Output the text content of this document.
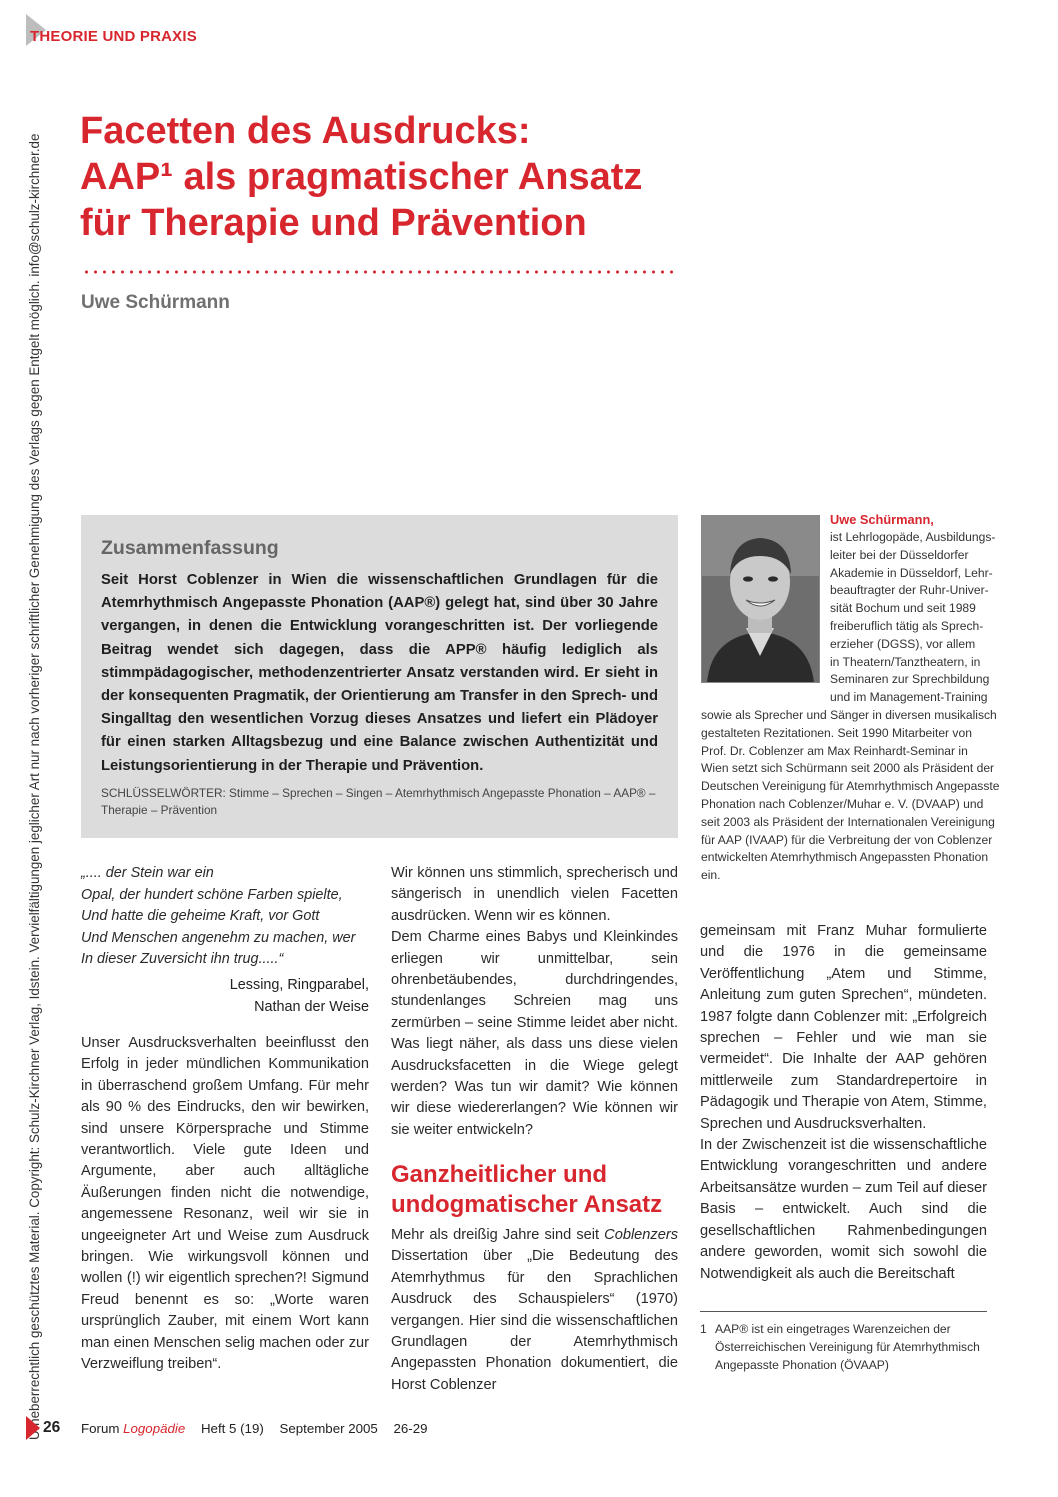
Urheberrechtlich geschütztes Material. Copyright: Schulz-Kirchner Verlag, Idstein. Vervielfältigungen jeglicher Art nur nach vorheriger schriftlicher Genehmigung des Verlags gegen Entgelt möglich. info@schulz-kirchner.de
THEORIE UND PRAXIS
Facetten des Ausdrucks:
AAP¹ als pragmatischer Ansatz
für Therapie und Prävention
Uwe Schürmann
Zusammenfassung

Seit Horst Coblenzer in Wien die wissenschaftlichen Grundlagen für die Atemrhythmisch Angepasste Phonation (AAP®) gelegt hat, sind über 30 Jahre vergangen, in denen die Entwicklung vorangeschritten ist. Der vorliegende Beitrag wendet sich dagegen, dass die APP® häufig lediglich als stimmpädagogischer, methodenzentrierter Ansatz verstanden wird. Er sieht in der konsequenten Pragmatik, der Orientierung am Transfer in den Sprech- und Singalltag den wesentlichen Vorzug dieses Ansatzes und liefert ein Plädoyer für einen starken Alltagsbezug und eine Balance zwischen Authentizität und Leistungsorientierung in der Therapie und Prävention.

SCHLÜSSELWÖRTER: Stimme – Sprechen – Singen – Atemrhythmisch Angepasste Phonation – AAP® – Therapie – Prävention

Uwe Schürmann,
ist Lehrlogopäde, Ausbildungs-
leiter bei der Düsseldorfer
Akademie in Düsseldorf, Lehr-
beauftragter der Ruhr-Univer-
sität Bochum und seit 1989
freiberuflich tätig als Sprech-
erzieher (DGSS), vor allem
in Theatern/Tanztheatern, in
Seminaren zur Sprechbildung
und im Management-Training
sowie als Sprecher und Sänger in diversen musikalisch
gestalteten Rezitationen. Seit 1990 Mitarbeiter von
Prof. Dr. Coblenzer am Max Reinhardt-Seminar in
Wien setzt sich Schürmann seit 2000 als Präsident der
Deutschen Vereinigung für Atemrhythmisch Angepasste
Phonation nach Coblenzer/Muhar e. V. (DVAAP) und
seit 2003 als Präsident der Internationalen Vereinigung
für AAP (IVAAP) für die Verbreitung der von Coblenzer
entwickelten Atemrhythmisch Angepassten Phonation
ein.
„.... der Stein war ein
Opal, der hundert schöne Farben spielte,
Und hatte die geheime Kraft, vor Gott
Und Menschen angenehm zu machen, wer
In dieser Zuversicht ihn trug.....“
Lessing, Ringparabel,
Nathan der Weise

Unser Ausdrucksverhalten beeinflusst den Erfolg in jeder mündlichen Kommunikation in überraschend großem Umfang. Für mehr als 90 % des Eindrucks, den wir bewirken, sind unsere Körpersprache und Stimme verantwortlich. Viele gute Ideen und Argumente, aber auch alltägliche Äußerungen finden nicht die notwendige, angemessene Resonanz, weil wir sie in ungeeigneter Art und Weise zum Ausdruck bringen. Wie wirkungsvoll können und wollen (!) wir eigentlich sprechen?! Sigmund Freud benennt es so: „Worte waren ursprünglich Zauber, mit einem Wort kann man einen Menschen selig machen oder zur Verzweiflung treiben“.

Wir können uns stimmlich, sprecherisch und sängerisch in unendlich vielen Facetten ausdrücken. Wenn wir es können.

Dem Charme eines Babys und Kleinkindes erliegen wir unmittelbar, sein ohrenbetäubendes, durchdringendes, stundenlanges Schreien mag uns zermürben – seine Stimme leidet aber nicht. Was liegt näher, als dass uns diese vielen Ausdrucksfacetten in die Wiege gelegt werden? Was tun wir damit? Wie können wir diese wiedererlangen? Wie können wir sie weiter entwickeln?

Ganzheitlicher und
undogmatischer Ansatz

Mehr als dreißig Jahre sind seit Coblenzers Dissertation über „Die Bedeutung des Atemrhythmus für den Sprachlichen Ausdruck des Schauspielers“ (1970) vergangen. Hier sind die wissenschaftlichen Grundlagen der Atemrhythmisch Angepassten Phonation dokumentiert, die Horst Coblenzer

gemeinsam mit Franz Muhar formulierte und die 1976 in die gemeinsame Veröffentlichung „Atem und Stimme, Anleitung zum guten Sprechen“, mündeten. 1987 folgte dann Coblenzer mit: „Erfolgreich sprechen – Fehler und wie man sie vermeidet“. Die Inhalte der AAP gehören mittlerweile zum Standardrepertoire in Pädagogik und Therapie von Atem, Stimme, Sprechen und Ausdrucksverhalten.

In der Zwischenzeit ist die wissenschaftliche Entwicklung vorangeschritten und andere Arbeitsansätze wurden – zum Teil auf dieser Basis – entwickelt. Auch sind die gesellschaftlichen Rahmenbedingungen andere geworden, womit sich sowohl die Notwendigkeit als auch die Bereitschaft

1 AAP® ist ein eingetrages Warenzeichen der
Österreichischen Vereinigung für Atemrhythmisch
Angepasste Phonation (ÖVAAP)
26 Forum Logopädie Heft 5 (19) September 2005 26-29
